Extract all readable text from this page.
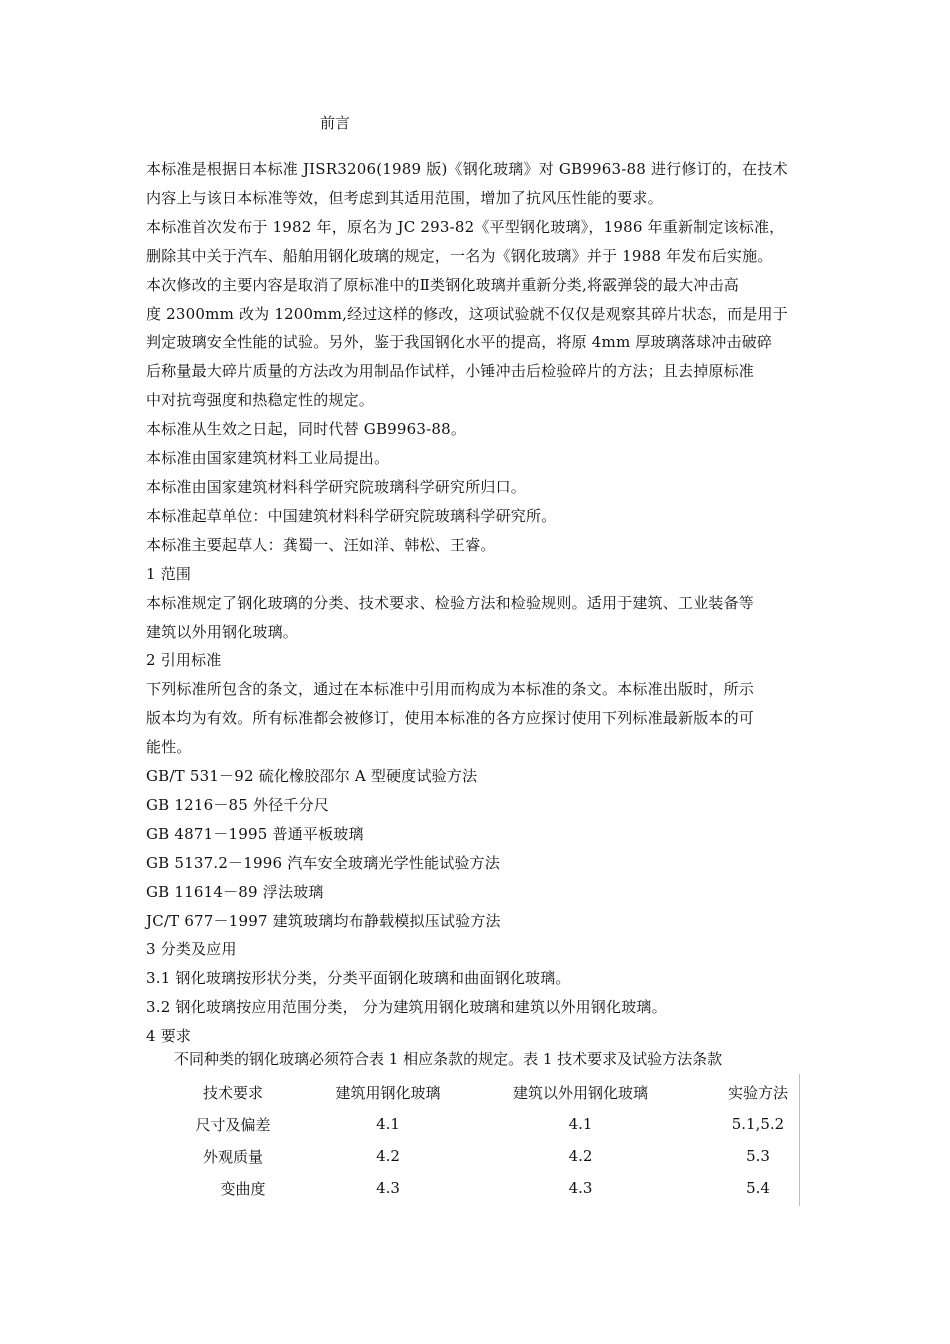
前言

本标准是根据日本标准 JISR3206(1989 版)《钢化玻璃》对 GB9963-88 进行修订的，在技术

内容上与该日本标准等效，但考虑到其适用范围，增加了抗风压性能的要求。

本标准首次发布于 1982 年，原名为 JC 293-82《平型钢化玻璃》，1986 年重新制定该标准，

删除其中关于汽车、船舶用钢化玻璃的规定，一名为《钢化玻璃》并于 1988 年发布后实施。

本次修改的主要内容是取消了原标准中的Ⅱ类钢化玻璃并重新分类,将霰弹袋的最大冲击高

度 2300mm 改为 1200mm,经过这样的修改，这项试验就不仅仅是观察其碎片状态，而是用于

判定玻璃安全性能的试验。另外，鉴于我国钢化水平的提高，将原 4mm 厚玻璃落球冲击破碎

后称量最大碎片质量的方法改为用制品作试样，小锤冲击后检验碎片的方法；且去掉原标准

中对抗弯强度和热稳定性的规定。

本标准从生效之日起，同时代替 GB9963-88。

本标准由国家建筑材料工业局提出。

本标准由国家建筑材料科学研究院玻璃科学研究所归口。

本标准起草单位：中国建筑材料科学研究院玻璃科学研究所。

本标准主要起草人：龚蜀一、汪如洋、韩松、王睿。

1 范围

本标准规定了钢化玻璃的分类、技术要求、检验方法和检验规则。适用于建筑、工业装备等

建筑以外用钢化玻璃。

2 引用标准

下列标准所包含的条文，通过在本标准中引用而构成为本标准的条文。本标准出版时，所示

版本均为有效。所有标准都会被修订，使用本标准的各方应探讨使用下列标准最新版本的可

能性。

GB/T 531－92 硫化橡胶邵尔 A 型硬度试验方法

GB 1216－85 外径千分尺

GB 4871－1995 普通平板玻璃

GB 5137.2－1996 汽车安全玻璃光学性能试验方法

GB 11614－89 浮法玻璃

JC/T 677－1997 建筑玻璃均布静载模拟压试验方法

3 分类及应用

3.1 钢化玻璃按形状分类，分类平面钢化玻璃和曲面钢化玻璃。

3.2 钢化玻璃按应用范围分类， 分为建筑用钢化玻璃和建筑以外用钢化玻璃。

4 要求

不同种类的钢化玻璃必须符合表 1 相应条款的规定。表 1 技术要求及试验方法条款
技术要求	建筑用钢化玻璃	建筑以外用钢化玻璃	实验方法
尺寸及偏差	4.1	4.1	5.1,5.2
外观质量	4.2	4.2	5.3
变曲度	4.3	4.3	5.4
